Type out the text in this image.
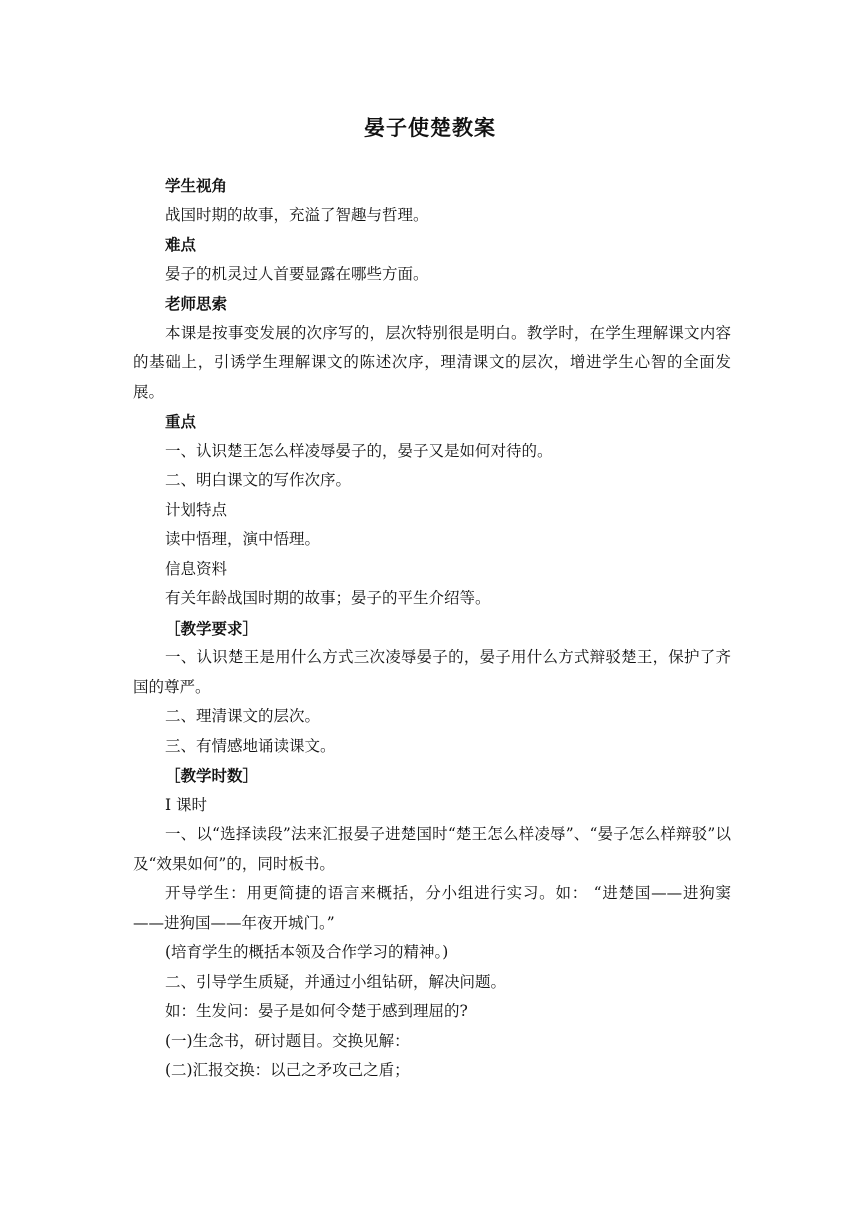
晏子使楚教案

学生视角

战国时期的故事，充溢了智趣与哲理。

难点

晏子的机灵过人首要显露在哪些方面。

老师思索

本课是按事变发展的次序写的，层次特别很是明白。教学时，在学生理解课文内容的基础上，引诱学生理解课文的陈述次序，理清课文的层次，增进学生心智的全面发展。

重点

一、认识楚王怎么样凌辱晏子的，晏子又是如何对待的。

二、明白课文的写作次序。

计划特点

读中悟理，演中悟理。

信息资料

有关年龄战国时期的故事；晏子的平生介绍等。

［教学要求］

一、认识楚王是用什么方式三次凌辱晏子的，晏子用什么方式辩驳楚王，保护了齐国的尊严。

二、理清课文的层次。

三、有情感地诵读课文。

［教学时数］

I 课时

一、以“选择读段”法来汇报晏子进楚国时“楚王怎么样凌辱”、“晏子怎么样辩驳”以及“效果如何”的，同时板书。

开导学生：用更简捷的语言来概括，分小组进行实习。如： “进楚国——进狗窦——进狗国——年夜开城门。”

(培育学生的概括本领及合作学习的精神。)

二、引导学生质疑，并通过小组钻研，解决问题。

如：生发问：晏子是如何令楚于感到理屈的?

(一)生念书，研讨题目。交换见解：

(二)汇报交换：以己之矛攻己之盾；
